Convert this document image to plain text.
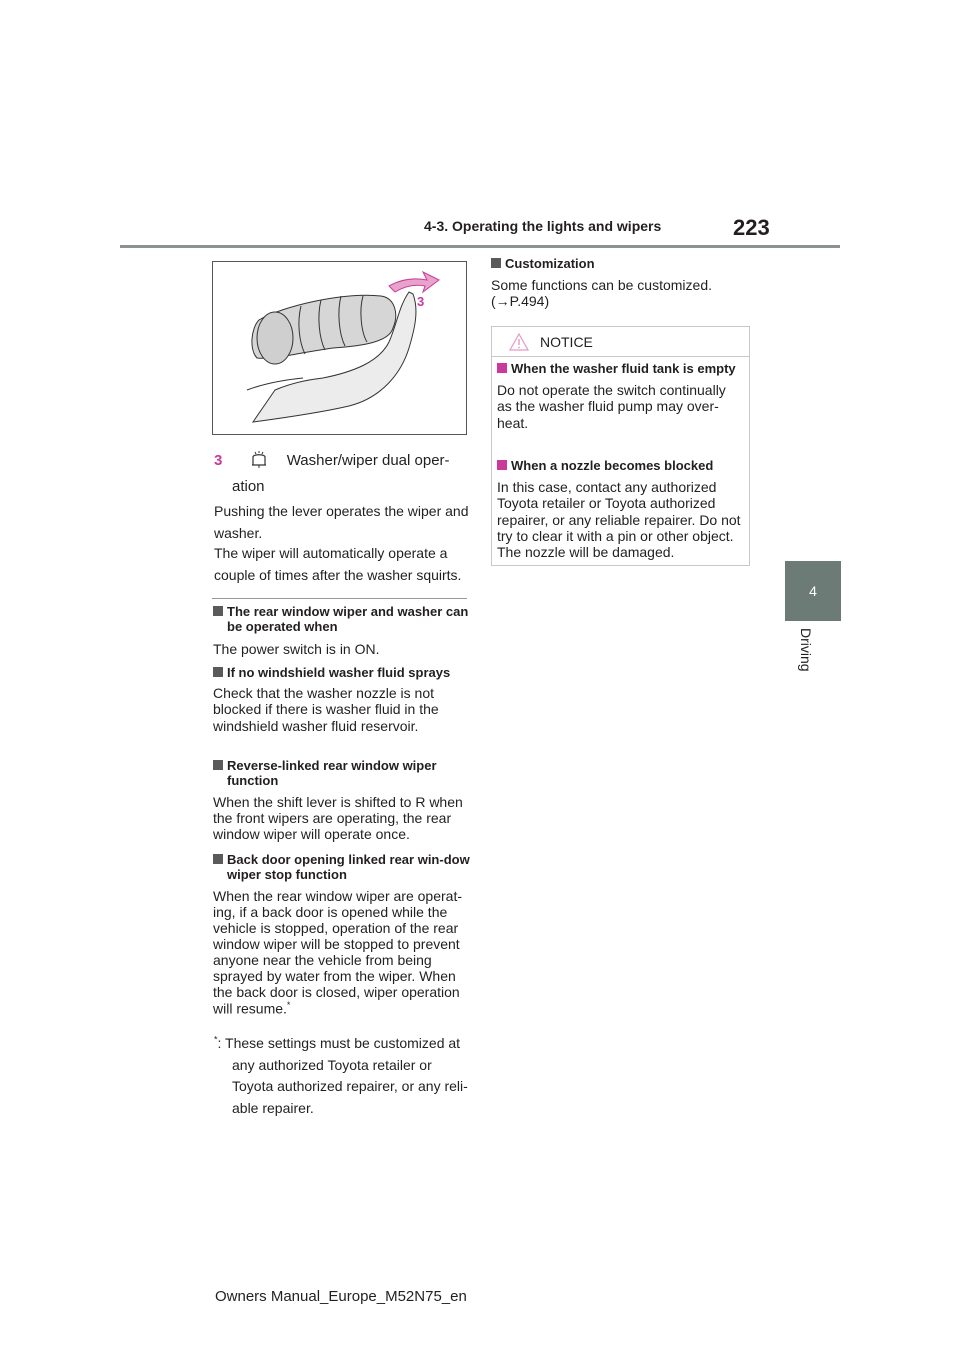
4-3. Operating the lights and wipers	223
4
Driving
3
3	Washer/wiper dual oper-
ation
Pushing the lever operates the wiper and washer.
The wiper will automatically operate a couple of times after the washer squirts.
The rear window wiper and washer can be operated when
The power switch is in ON.
If no windshield washer fluid sprays
Check that the washer nozzle is not blocked if there is washer fluid in the windshield washer fluid reservoir.
Reverse-linked rear window wiper function
When the shift lever is shifted to R when the front wipers are operating, the rear window wiper will operate once.
Back door opening linked rear win-dow wiper stop function
When the rear window wiper are operat-ing, if a back door is opened while the vehicle is stopped, operation of the rear window wiper will be stopped to prevent anyone near the vehicle from being sprayed by water from the wiper. When the back door is closed, wiper operation will resume.*
*: These settings must be customized at any authorized Toyota retailer or Toyota authorized repairer, or any reli-able repairer.
Customization
Some functions can be customized. (→P.494)
NOTICE
When the washer fluid tank is empty
Do not operate the switch continually as the washer fluid pump may over-heat.
When a nozzle becomes blocked
In this case, contact any authorized Toyota retailer or Toyota authorized repairer, or any reliable repairer. Do not try to clear it with a pin or other object. The nozzle will be damaged.
Owners Manual_Europe_M52N75_en
